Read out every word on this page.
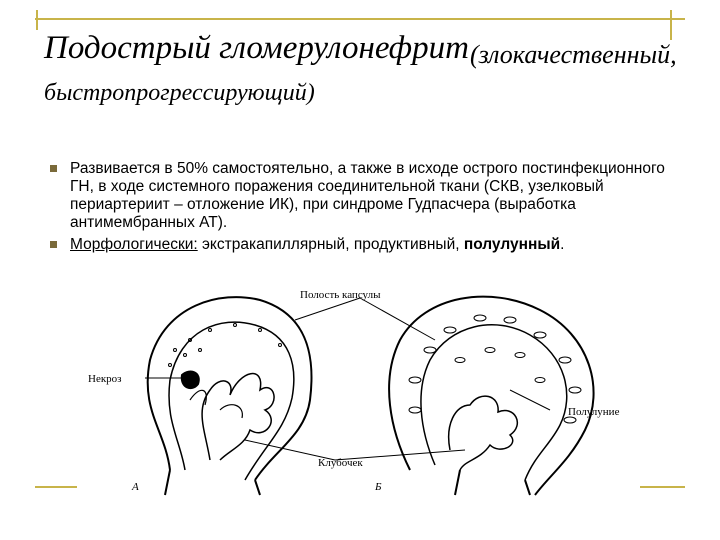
Подострый гломерулонефрит (злокачественный,
быстропрогрессирующий)
Развивается в 50% самостоятельно, а также в исходе острого постинфекционного ГН, в ходе системного поражения соединительной ткани (СКВ, узелковый периартериит – отложение ИК), при синдроме Гудпасчера (выработка антимембранных АТ).
Морфологически: экстракапиллярный, продуктивный, полулунный.
Полость капсулы
Некроз
Полулуние
Клубочек
А	Б
